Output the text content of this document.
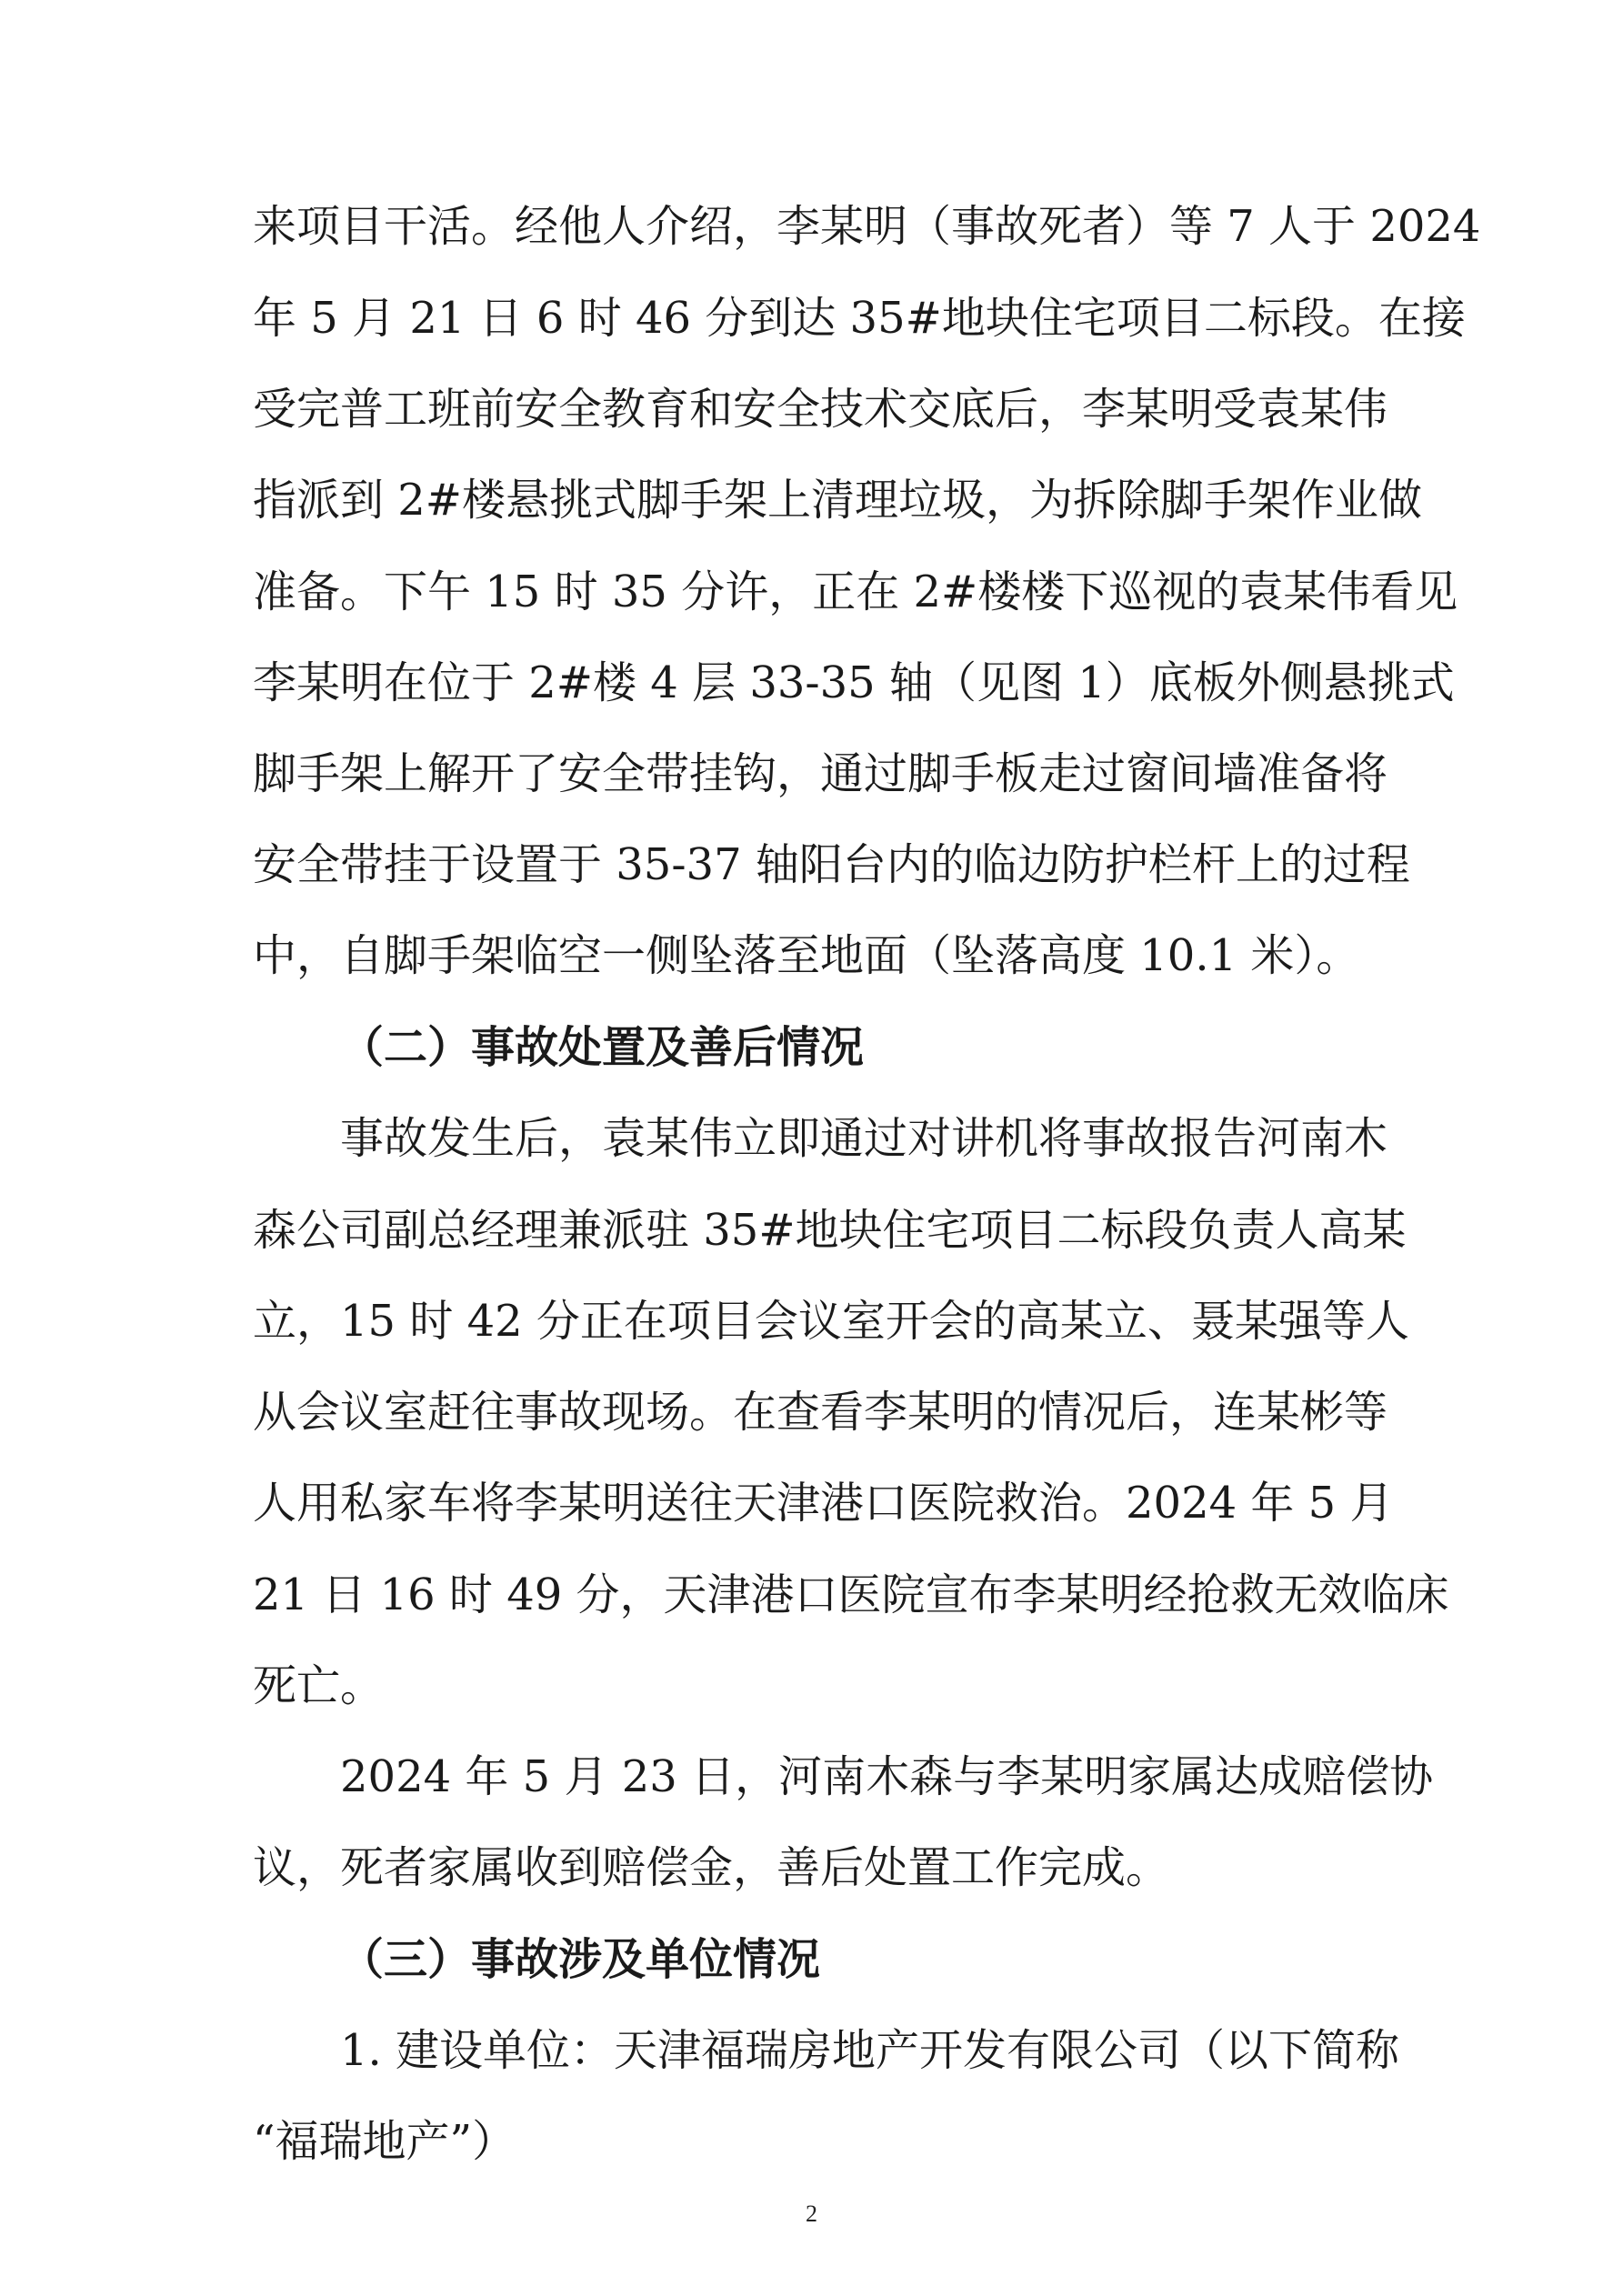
来项目干活。经他人介绍，李某明（事故死者）等 7 人于 2024
年 5 月 21 日 6 时 46 分到达 35#地块住宅项目二标段。在接
受完普工班前安全教育和安全技术交底后，李某明受袁某伟
指派到 2#楼悬挑式脚手架上清理垃圾，为拆除脚手架作业做
准备。下午 15 时 35 分许，正在 2#楼楼下巡视的袁某伟看见
李某明在位于 2#楼 4 层 33-35 轴（见图 1）底板外侧悬挑式
脚手架上解开了安全带挂钩，通过脚手板走过窗间墙准备将
安全带挂于设置于 35-37 轴阳台内的临边防护栏杆上的过程
中，自脚手架临空一侧坠落至地面（坠落高度 10.1 米）。
（二）事故处置及善后情况
事故发生后，袁某伟立即通过对讲机将事故报告河南木
森公司副总经理兼派驻 35#地块住宅项目二标段负责人高某
立，15 时 42 分正在项目会议室开会的高某立、聂某强等人
从会议室赶往事故现场。在查看李某明的情况后，连某彬等
人用私家车将李某明送往天津港口医院救治。2024 年 5 月
21 日 16 时 49 分，天津港口医院宣布李某明经抢救无效临床
死亡。
2024 年 5 月 23 日，河南木森与李某明家属达成赔偿协
议，死者家属收到赔偿金，善后处置工作完成。
（三）事故涉及单位情况
1. 建设单位：天津福瑞房地产开发有限公司（以下简称
“福瑞地产”）
2
